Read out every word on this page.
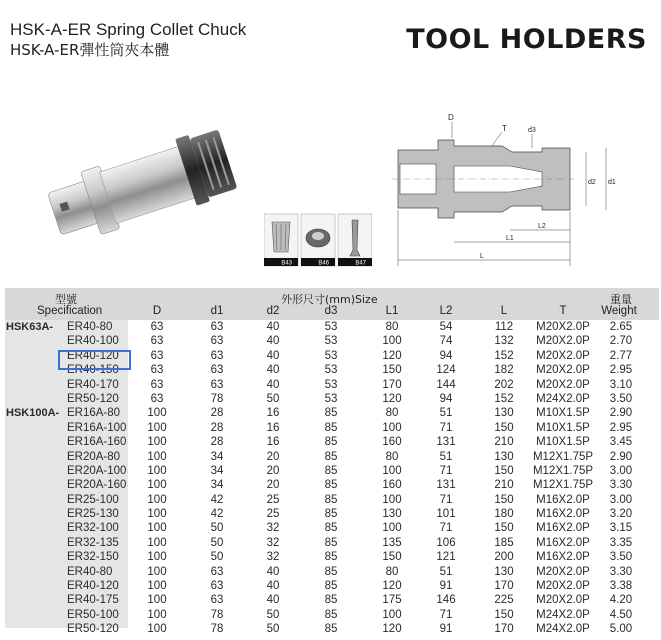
HSK-A-ER Spring Collet Chuck
HSK-A-ER彈性筒夾本體	TOOL HOLDERS
B43	B46	B47
D
T	d3
d2 d1
L2
L1
L
型號
Specification
外形尺寸(mm)Size
D	d1	d2	d3	L1	L2	L	T
重量
Weight
HSK63A- ER40-80	63	63	40	53	80	54	112 M20X2.0P 2.65
ER40-100	63	63	40	53	100	74	132 M20X2.0P 2.70
ER40-120	63	63	40	53	120	94	152 M20X2.0P 2.77
ER40-150	63	63	40	53	150	124	182 M20X2.0P 2.95
ER40-170	63	63	40	53	170	144	202 M20X2.0P 3.10
ER50-120	63	78	50	53	120	94	152 M24X2.0P 3.50
HSK100A- ER16A-80 100	28	16	85	80	51	130 M10X1.5P 2.90
ER16A-100 100	28	16	85	100	71	150 M10X1.5P 2.95
ER16A-160 100	28	16	85	160	131	210 M10X1.5P 3.45
ER20A-80 100	34	20	85	80	51	130 M12X1.75P 2.90
ER20A-100 100	34	20	85	100	71	150 M12X1.75P 3.00
ER20A-160 100	34	20	85	160	131	210 M12X1.75P 3.30
ER25-100 100	42	25	85	100	71	150 M16X2.0P 3.00
ER25-130 100	42	25	85	130	101	180 M16X2.0P 3.20
ER32-100 100	50	32	85	100	71	150 M16X2.0P 3.15
ER32-135 100	50	32	85	135	106	185 M16X2.0P 3.35
ER32-150 100	50	32	85	150	121	200 M16X2.0P 3.50
ER40-80	100	63	40	85	80	51	130 M20X2.0P 3.30
ER40-120 100	63	40	85	120	91	170 M20X2.0P 3.38
ER40-175 100	63	40	85	175	146	225 M20X2.0P 4.20
ER50-100 100	78	50	85	100	71	150 M24X2.0P 4.50
ER50-120 100	78	50	85	120	91	170 M24X2.0P 5.00
